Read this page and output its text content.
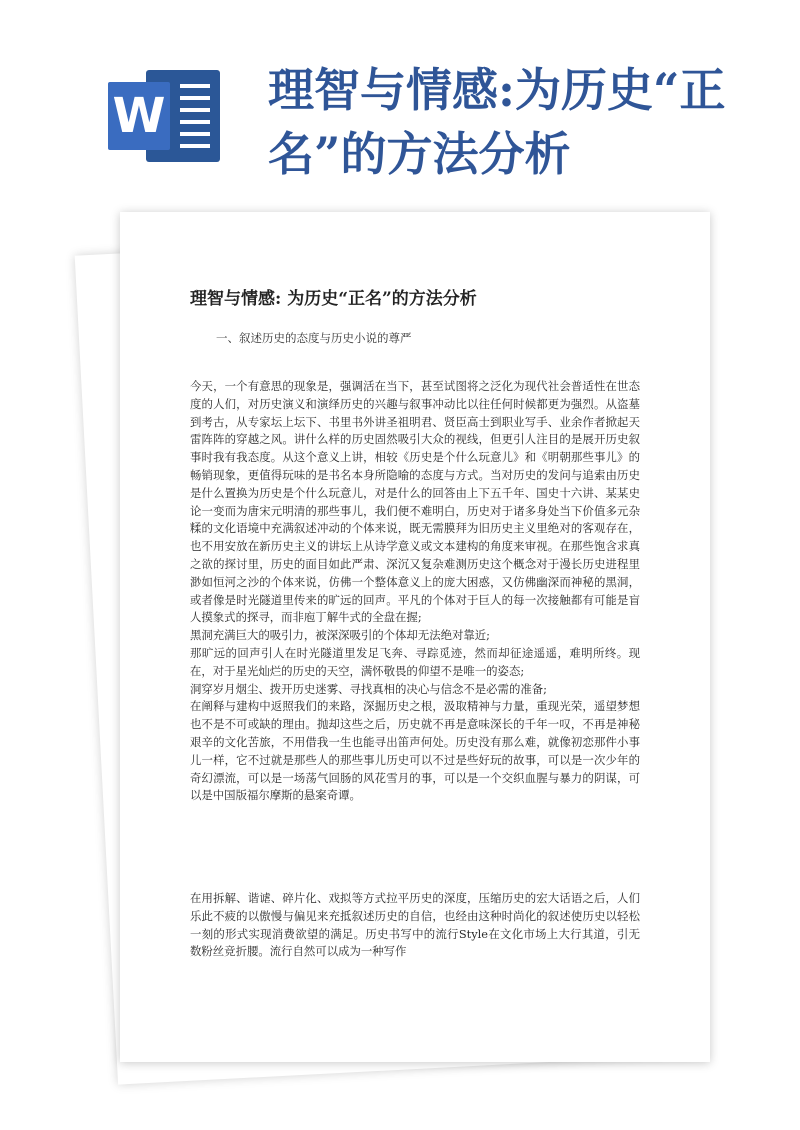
W 理智与情感:为历史“正名”的方法分析
理智与情感: 为历史“正名”的方法分析

一、叙述历史的态度与历史小说的尊严

今天，一个有意思的现象是，强调活在当下，甚至试图将之泛化为现代社会普适性在世态度的人们，对历史演义和演绎历史的兴趣与叙事冲动比以往任何时候都更为强烈。从盗墓到考古，从专家坛上坛下、书里书外讲圣祖明君、贤臣高士到职业写手、业余作者掀起天雷阵阵的穿越之风。讲什么样的历史固然吸引大众的视线，但更引人注目的是展开历史叙事时我有我态度。从这个意义上讲，相较《历史是个什么玩意儿》和《明朝那些事儿》的畅销现象，更值得玩味的是书名本身所隐喻的态度与方式。当对历史的发问与追索由历史是什么置换为历史是个什么玩意儿，对是什么的回答由上下五千年、国史十六讲、某某史论一变而为唐宋元明清的那些事儿，我们便不难明白，历史对于诸多身处当下价值多元杂糅的文化语境中充满叙述冲动的个体来说，既无需膜拜为旧历史主义里绝对的客观存在，也不用安放在新历史主义的讲坛上从诗学意义或文本建构的角度来审视。在那些饱含求真之欲的探讨里，历史的面目如此严肃、深沉又复杂难测历史这个概念对于漫长历史进程里渺如恒河之沙的个体来说，仿佛一个整体意义上的庞大困惑，又仿佛幽深而神秘的黑洞，或者像是时光隧道里传来的旷远的回声。平凡的个体对于巨人的每一次接触都有可能是盲人摸象式的探寻，而非庖丁解牛式的全盘在握;
黑洞充满巨大的吸引力，被深深吸引的个体却无法绝对靠近;
那旷远的回声引人在时光隧道里发足飞奔、寻踪觅迹，然而却征途遥遥，难明所终。现在，对于星光灿烂的历史的天空，满怀敬畏的仰望不是唯一的姿态;
洞穿岁月烟尘、拨开历史迷雾、寻找真相的决心与信念不是必需的准备;
在阐释与建构中返照我们的来路，深掘历史之根，汲取精神与力量，重现光荣，遥望梦想也不是不可或缺的理由。抛却这些之后，历史就不再是意味深长的千年一叹，不再是神秘艰辛的文化苦旅，不用借我一生也能寻出笛声何处。历史没有那么难，就像初恋那件小事儿一样，它不过就是那些人的那些事儿历史可以不过是些好玩的故事，可以是一次少年的奇幻漂流，可以是一场荡气回肠的风花雪月的事，可以是一个交织血腥与暴力的阴谋，可以是中国版福尔摩斯的悬案奇谭。

在用拆解、谐谑、碎片化、戏拟等方式拉平历史的深度，压缩历史的宏大话语之后，人们乐此不疲的以傲慢与偏见来充抵叙述历史的自信，也经由这种时尚化的叙述使历史以轻松一刻的形式实现消费欲望的满足。历史书写中的流行Style在文化市场上大行其道，引无数粉丝竞折腰。流行自然可以成为一种写作
